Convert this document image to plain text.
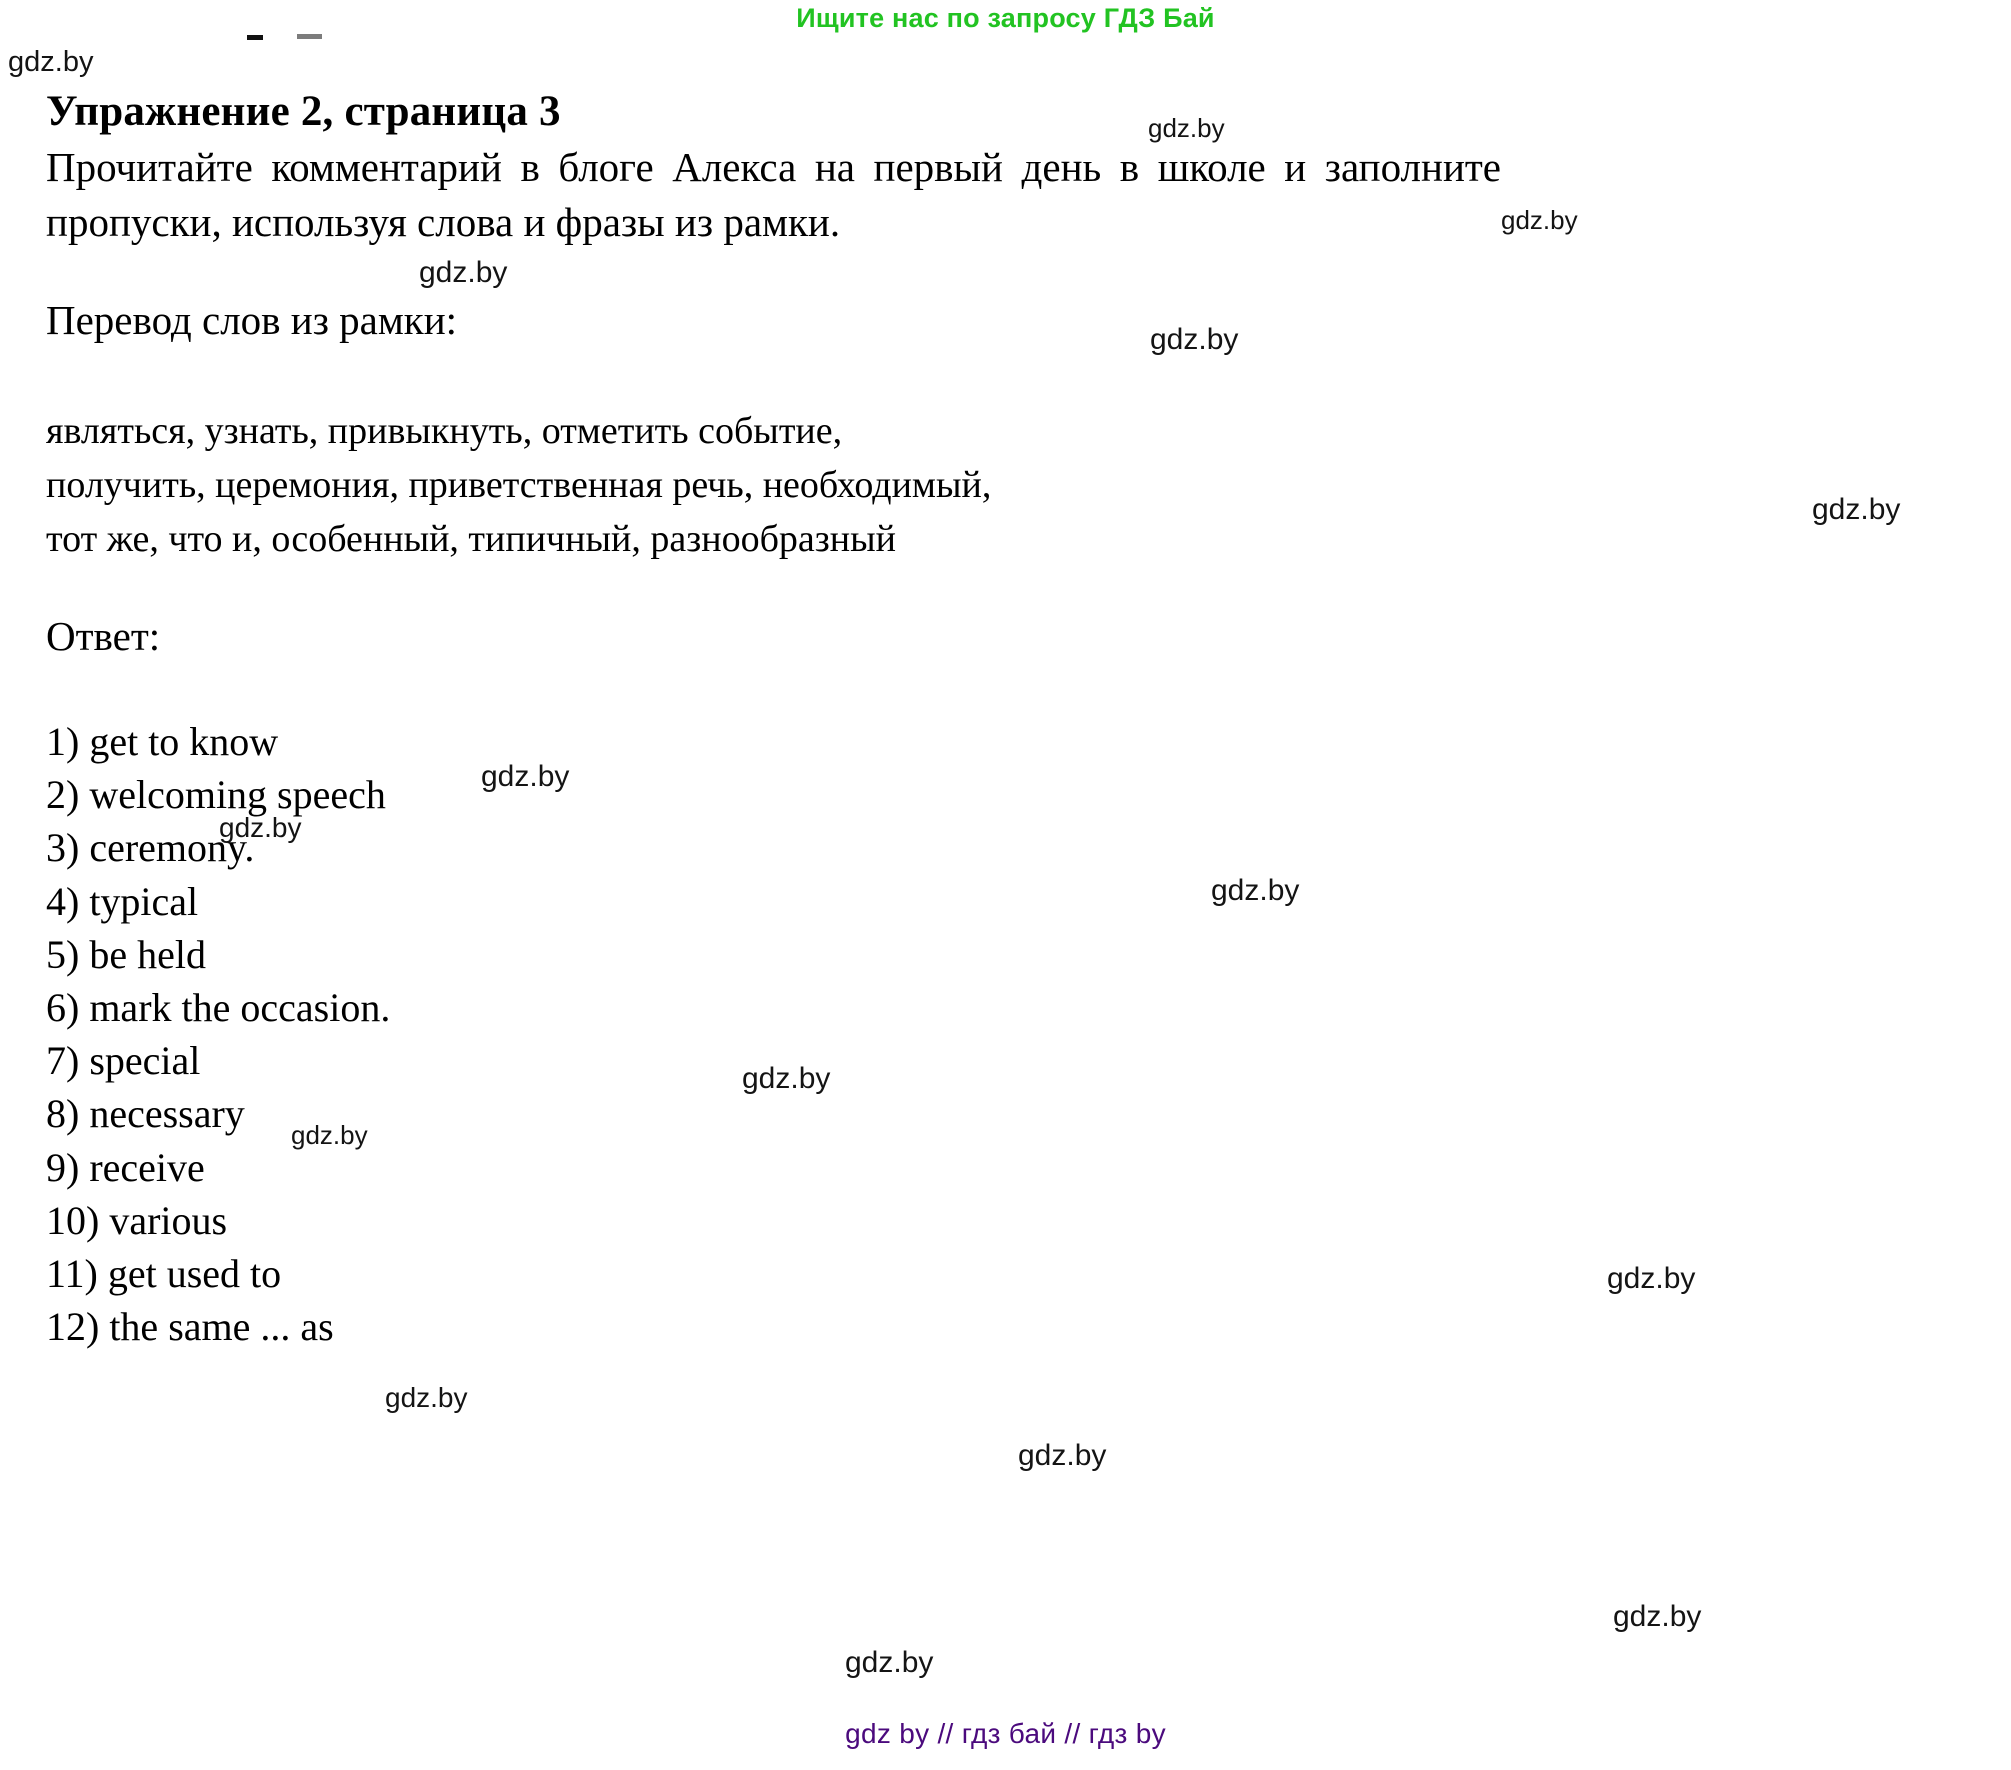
Ищите нас по запросу ГДЗ Бай
Упражнение 2, страница 3

Прочитайте комментарий в блоге Алекса на первый день в школе и заполните пропуски, используя слова и фразы из рамки.

Перевод слов из рамки:
являться, узнать, привыкнуть, отметить событие,
получить, церемония, приветственная речь, необходимый,
тот же, что и, особенный, типичный, разнообразный
Ответ:
1) get to know
2) welcoming speech
3) ceremony.
4) typical
5) be held
6) mark the occasion.
7) special
8) necessary
9) receive
10) various
11) get used to
12) the same ... as
gdz.by
gdz.by
gdz.by
gdz.by
gdz.by
gdz.by
gdz.by
gdz.by
gdz.by
gdz.by
gdz.by
gdz.by
gdz.by
gdz.by
gdz.by
gdz.by
gdz by // гдз бай // гдз by
